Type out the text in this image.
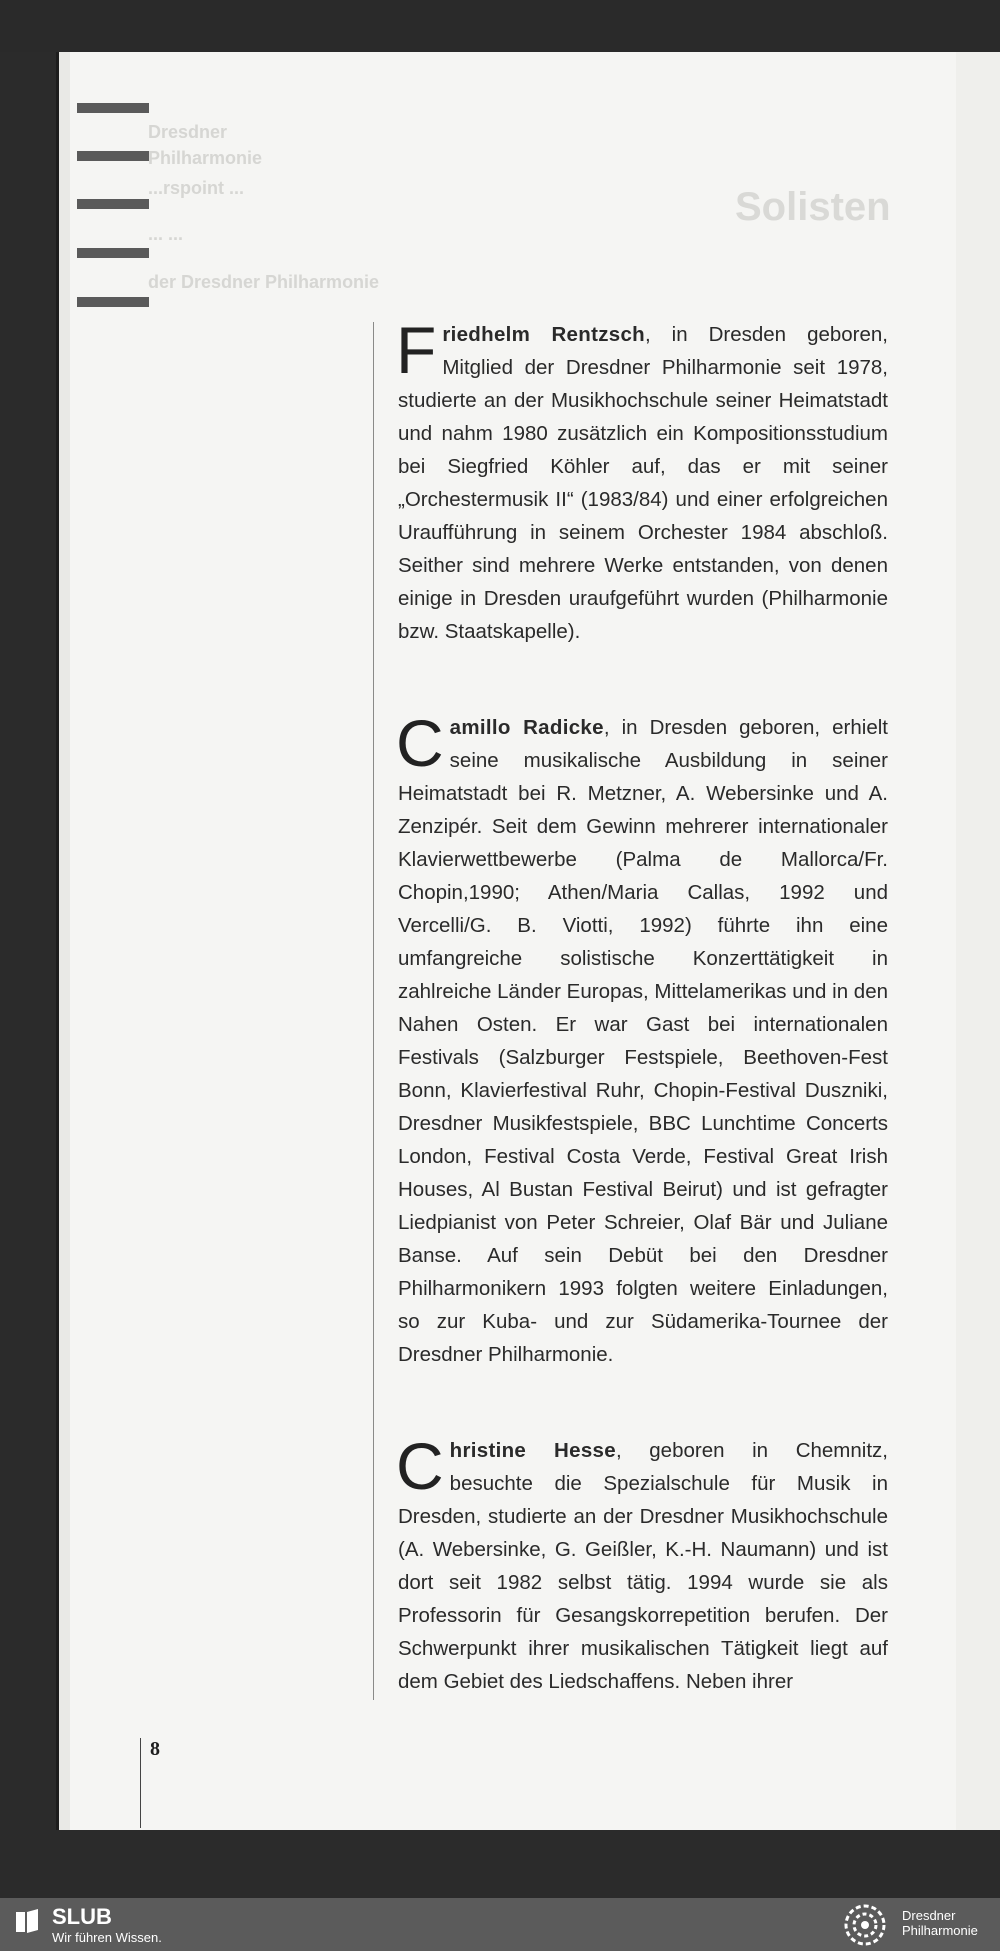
Solisten
Dresdner
Philharmonie
...rspoint ...
... ...
der Dresdner Philharmonie

Friedhelm Rentzsch, in Dresden geboren, Mitglied der Dresdner Philharmonie seit 1978, studierte an der Musikhochschule seiner Heimatstadt und nahm 1980 zusätzlich ein Kompositionsstudium bei Siegfried Köhler auf, das er mit seiner „Orchestermusik II“ (1983/84) und einer erfolgreichen Uraufführung in seinem Orchester 1984 abschloß. Seither sind mehrere Werke entstanden, von denen einige in Dresden uraufgeführt wurden (Philharmonie bzw. Staatskapelle).

Camillo Radicke, in Dresden geboren, erhielt seine musikalische Ausbildung in seiner Heimatstadt bei R. Metzner, A. Webersinke und A. Zenzipér. Seit dem Gewinn mehrerer internationaler Klavierwettbewerbe (Palma de Mallorca/Fr. Chopin,1990; Athen/Maria Callas, 1992 und Vercelli/G. B. Viotti, 1992) führte ihn eine umfangreiche solistische Konzerttätigkeit in zahlreiche Länder Europas, Mittelamerikas und in den Nahen Osten. Er war Gast bei internationalen Festivals (Salzburger Festspiele, Beethoven-Fest Bonn, Klavierfestival Ruhr, Chopin-Festival Duszniki, Dresdner Musikfestspiele, BBC Lunchtime Concerts London, Festival Costa Verde, Festival Great Irish Houses, Al Bustan Festival Beirut) und ist gefragter Liedpianist von Peter Schreier, Olaf Bär und Juliane Banse. Auf sein Debüt bei den Dresdner Philharmonikern 1993 folgten weitere Einladungen, so zur Kuba- und zur Südamerika-Tournee der Dresdner Philharmonie.

Christine Hesse, geboren in Chemnitz, besuchte die Spezialschule für Musik in Dresden, studierte an der Dresdner Musikhochschule (A. Webersinke, G. Geißler, K.-H. Naumann) und ist dort seit 1982 selbst tätig. 1994 wurde sie als Professorin für Gesangskorrepetition berufen. Der Schwerpunkt ihrer musikalischen Tätigkeit liegt auf dem Gebiet des Liedschaffens. Neben ihrer

8
SLUB
Wir führen Wissen.
Dresdner
Philharmonie
